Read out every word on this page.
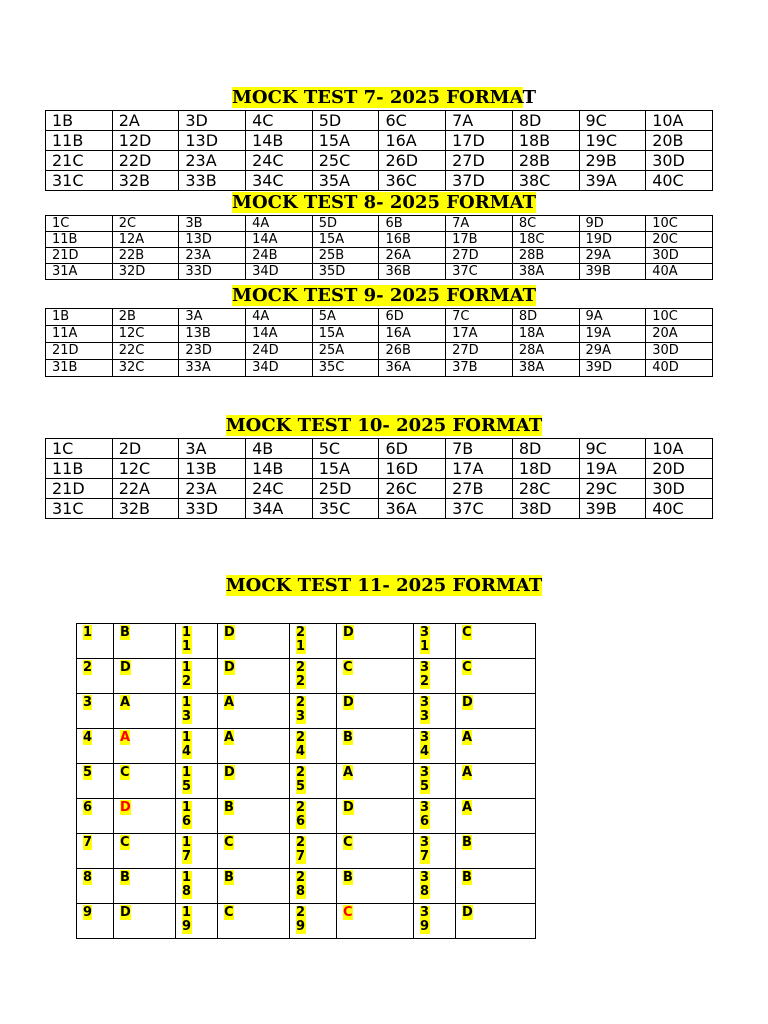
MOCK TEST 7- 2025 FORMAT
1B	2A	3D	4C	5D	6C	7A	8D	9C	10A
11B	12D	13D	14B	15A	16A	17D	18B	19C	20B
21C	22D	23A	24C	25C	26D	27D	28B	29B	30D
31C	32B	33B	34C	35A	36C	37D	38C	39A	40C
MOCK TEST 8- 2025 FORMAT
1C	2C	3B	4A	5D	6B	7A	8C	9D	10C
11B	12A	13D	14A	15A	16B	17B	18C	19D	20C
21D	22B	23A	24B	25B	26A	27D	28B	29A	30D
31A	32D	33D	34D	35D	36B	37C	38A	39B	40A
MOCK TEST 9- 2025 FORMAT
1B	2B	3A	4A	5A	6D	7C	8D	9A	10C
11A	12C	13B	14A	15A	16A	17A	18A	19A	20A
21D	22C	23D	24D	25A	26B	27D	28A	29A	30D
31B	32C	33A	34D	35C	36A	37B	38A	39D	40D
MOCK TEST 10- 2025 FORMAT
1C	2D	3A	4B	5C	6D	7B	8D	9C	10A
11B	12C	13B	14B	15A	16D	17A	18D	19A	20D
21D	22A	23A	24C	25D	26C	27B	28C	29C	30D
31C	32B	33D	34A	35C	36A	37C	38D	39B	40C
MOCK TEST 11- 2025 FORMAT
1	B	11	D	21	D	31	C
2	D	12	D	22	C	32	C
3	A	13	A	23	D	33	D
4	A	14	A	24	B	34	A
5	C	15	D	25	A	35	A
6	D	16	B	26	D	36	A
7	C	17	C	27	C	37	B
8	B	18	B	28	B	38	B
9	D	19	C	29	C	39	D
